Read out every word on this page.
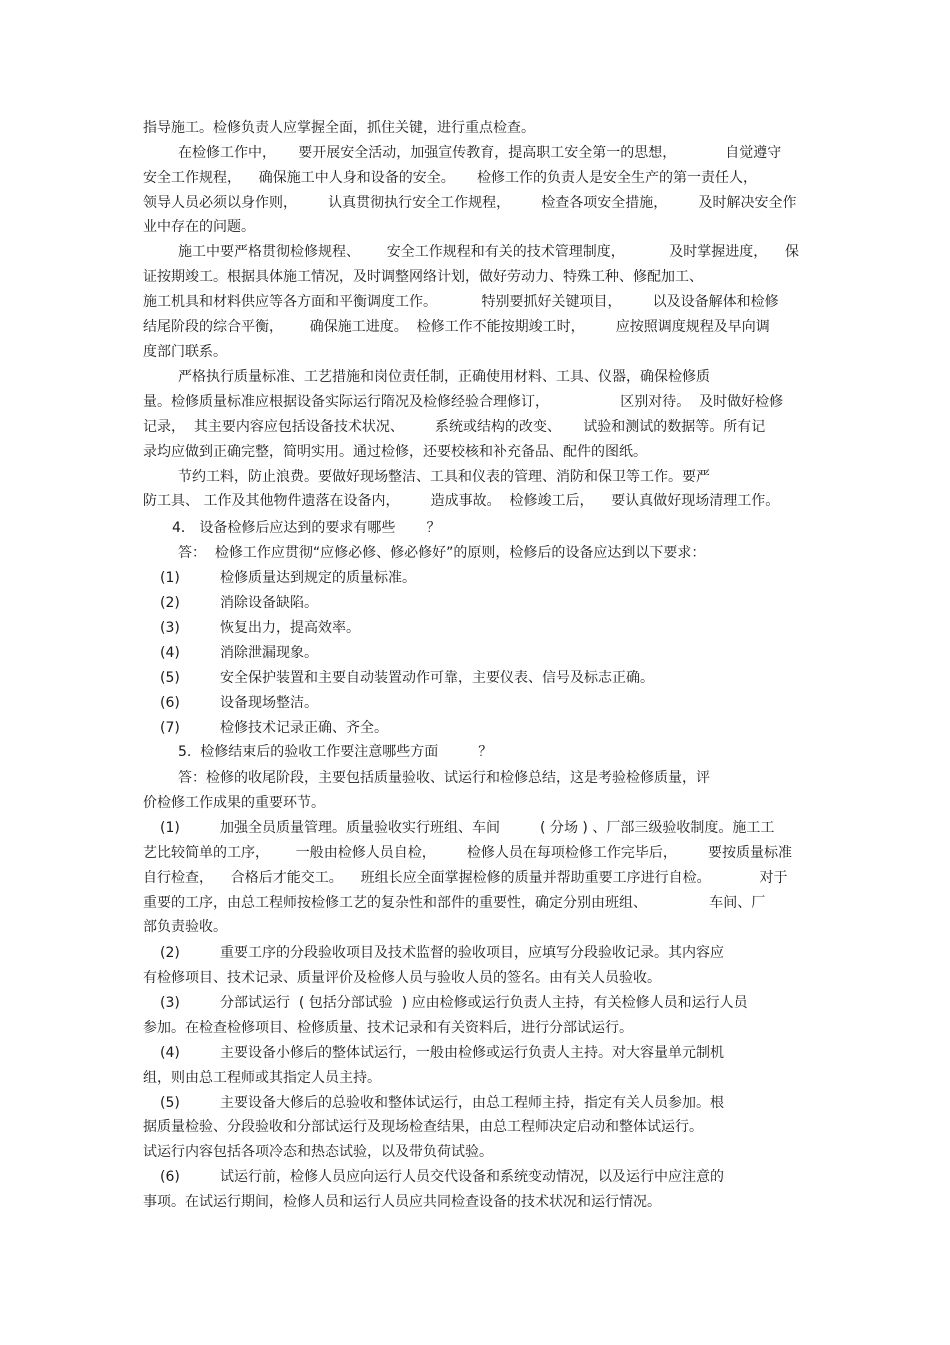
指导施工。检修负责人应掌握全面，抓住关键，进行重点检查。
在检修工作中，     要开展安全活动，加强宣传教育，提高职工安全第一的思想，           自觉遵守
安全工作规程，    确保施工中人身和设备的安全。     检修工作的负责人是安全生产的第一责任人，
领导人员必须以身作则，       认真贯彻执行安全工作规程，       检查各项安全措施，       及时解决安全作
业中存在的问题。
施工中要严格贯彻检修规程、      安全工作规程和有关的技术管理制度，          及时掌握进度，    保
证按期竣工。根据具体施工情况，及时调整网络计划，做好劳动力、特殊工种、修配加工、
施工机具和材料供应等各方面和平衡调度工作。          特别要抓好关键项目，       以及设备解体和检修
结尾阶段的综合平衡，      确保施工进度。  检修工作不能按期竣工时，       应按照调度规程及早向调
度部门联系。
严格执行质量标准、工艺措施和岗位责任制，正确使用材料、工具、仪器，确保检修质
量。检修质量标准应根据设备实际运行隋况及检修经验合理修订，                区别对待。  及时做好检修
记录，  其主要内容应包括设备技术状况、       系统或结构的改变、     试验和测试的数据等。所有记
录均应做到正确完整，简明实用。通过检修，还要校核和补充备品、配件的图纸。
节约工料，防止浪费。要做好现场整洁、工具和仪表的管理、消防和保卫等工作。要严
防工具、 工作及其他物件遗落在设备内，       造成事故。  检修竣工后，    要认真做好现场清理工作。
4． 设备检修后应达到的要求有哪些       ？
答：  检修工作应贯彻“应修必修、修必修好”的原则，检修后的设备应达到以下要求：
(1)	检修质量达到规定的质量标准。
(2)	消除设备缺陷。
(3)	恢复出力，提高效率。
(4)	消除泄漏现象。
(5)	安全保护装置和主要自动装置动作可靠，主要仪表、信号及标志正确。
(6)	设备现场整洁。
(7)	检修技术记录正确、齐全。
5.  检修结束后的验收工作要注意哪些方面         ？
答：检修的收尾阶段，主要包括质量验收、试运行和检修总结，这是考验检修质量，评
价检修工作成果的重要环节。
(1)	加强全员质量管理。质量验收实行班组、车间         ( 分场 ) 、厂部三级验收制度。施工工
艺比较简单的工序，      一般由检修人员自检，       检修人员在每项检修工作完毕后，       要按质量标准
自行检查，    合格后才能交工。    班组长应全面掌握检修的质量并帮助重要工序进行自检。           对于
重要的工序，由总工程师按检修工艺的复杂性和部件的重要性，确定分别由班组、              车间、厂
部负责验收。
(2)	重要工序的分段验收项目及技术监督的验收项目，应填写分段验收记录。其内容应
有检修项目、技术记录、质量评价及检修人员与验收人员的签名。由有关人员验收。
(3)	分部试运行  ( 包括分部试验  ) 应由检修或运行负责人主持，有关检修人员和运行人员
参加。在检查检修项目、检修质量、技术记录和有关资料后，进行分部试运行。
(4)	主要设备小修后的整体试运行，一般由检修或运行负责人主持。对大容量单元制机
组，则由总工程师或其指定人员主持。
(5)	主要设备大修后的总验收和整体试运行，由总工程师主持，指定有关人员参加。根
据质量检验、分段验收和分部试运行及现场检查结果，由总工程师决定启动和整体试运行。
试运行内容包括各项冷态和热态试验，以及带负荷试验。
(6)	试运行前，检修人员应向运行人员交代设备和系统变动情况，以及运行中应注意的
事项。在试运行期间，检修人员和运行人员应共同检查设备的技术状况和运行情况。
